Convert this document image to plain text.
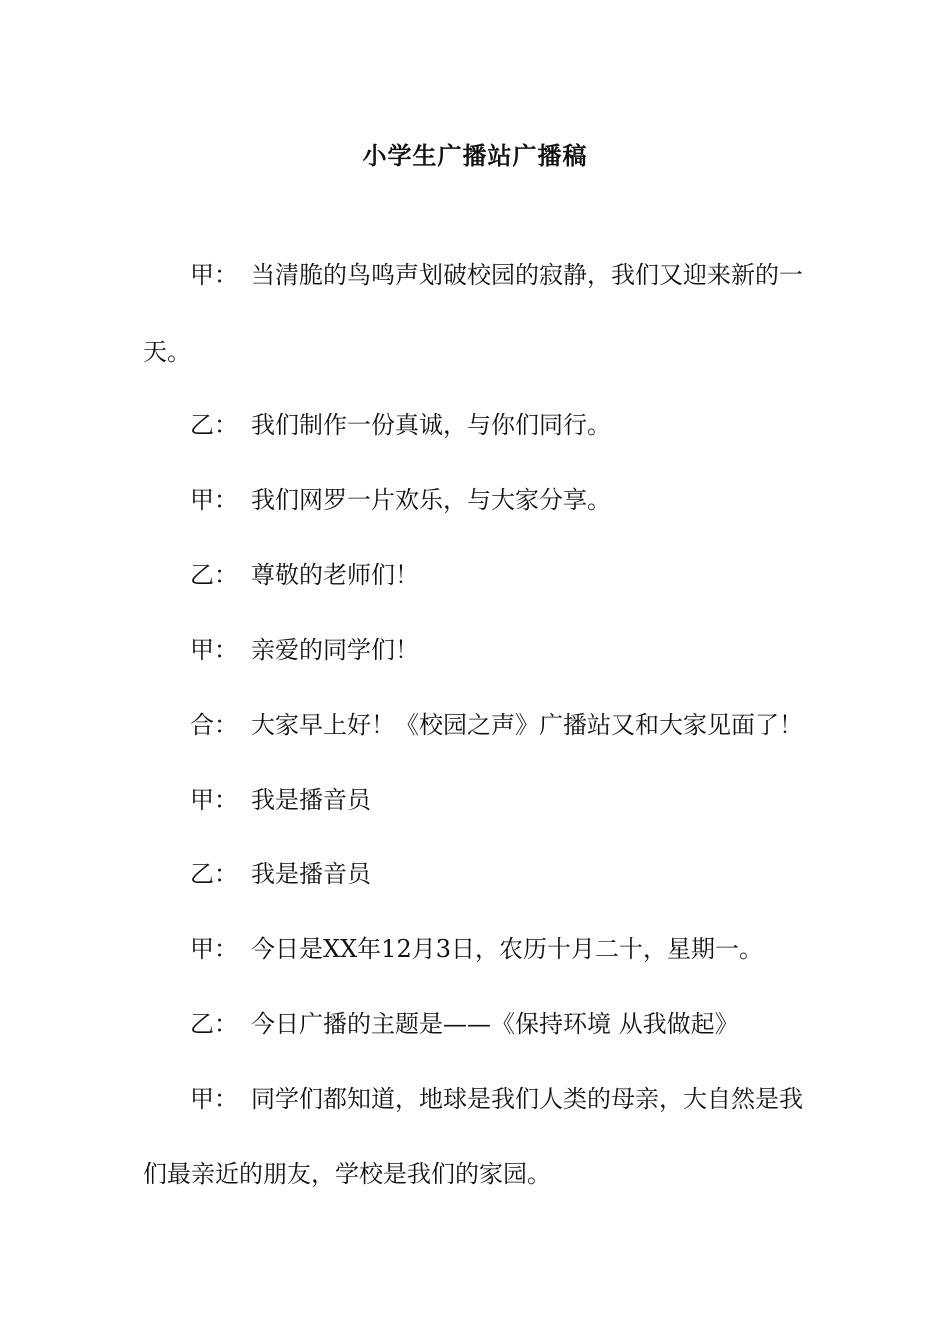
小学生广播站广播稿
甲： 当清脆的鸟鸣声划破校园的寂静，我们又迎来新的一
天。
乙： 我们制作一份真诚，与你们同行。
甲： 我们网罗一片欢乐，与大家分享。
乙： 尊敬的老师们！
甲： 亲爱的同学们！
合： 大家早上好！《校园之声》广播站又和大家见面了！
甲： 我是播音员
乙： 我是播音员
甲： 今日是XX年12月3日，农历十月二十，星期一。
乙： 今日广播的主题是——《保持环境 从我做起》
甲： 同学们都知道，地球是我们人类的母亲，大自然是我
们最亲近的朋友，学校是我们的家园。
